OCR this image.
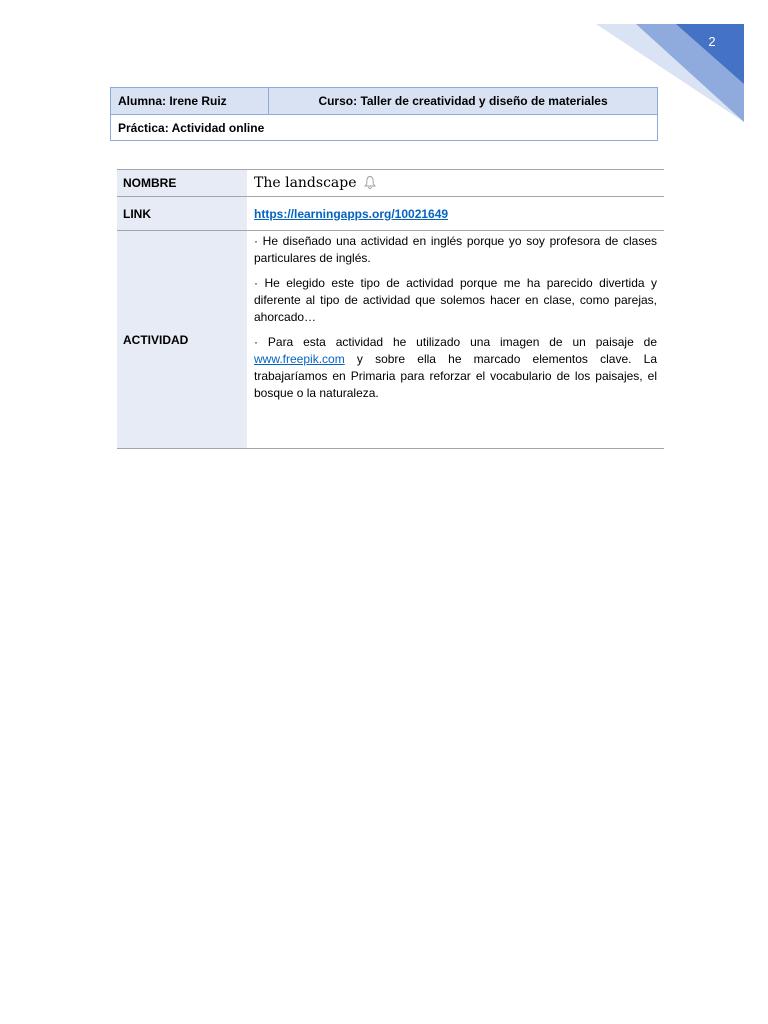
2
Alumna: Irene Ruiz	Curso: Taller de creatividad y diseño de materiales
Práctica: Actividad online
NOMBRE	The landscape
LINK	https://learningapps.org/10021649
ACTIVIDAD	· He diseñado una actividad en inglés porque yo soy profesora de clases particulares de inglés.

· He elegido este tipo de actividad porque me ha parecido divertida y diferente al tipo de actividad que solemos hacer en clase, como parejas, ahorcado…

· Para esta actividad he utilizado una imagen de un paisaje de www.freepik.com y sobre ella he marcado elementos clave. La trabajaríamos en Primaria para reforzar el vocabulario de los paisajes, el bosque o la naturaleza.
